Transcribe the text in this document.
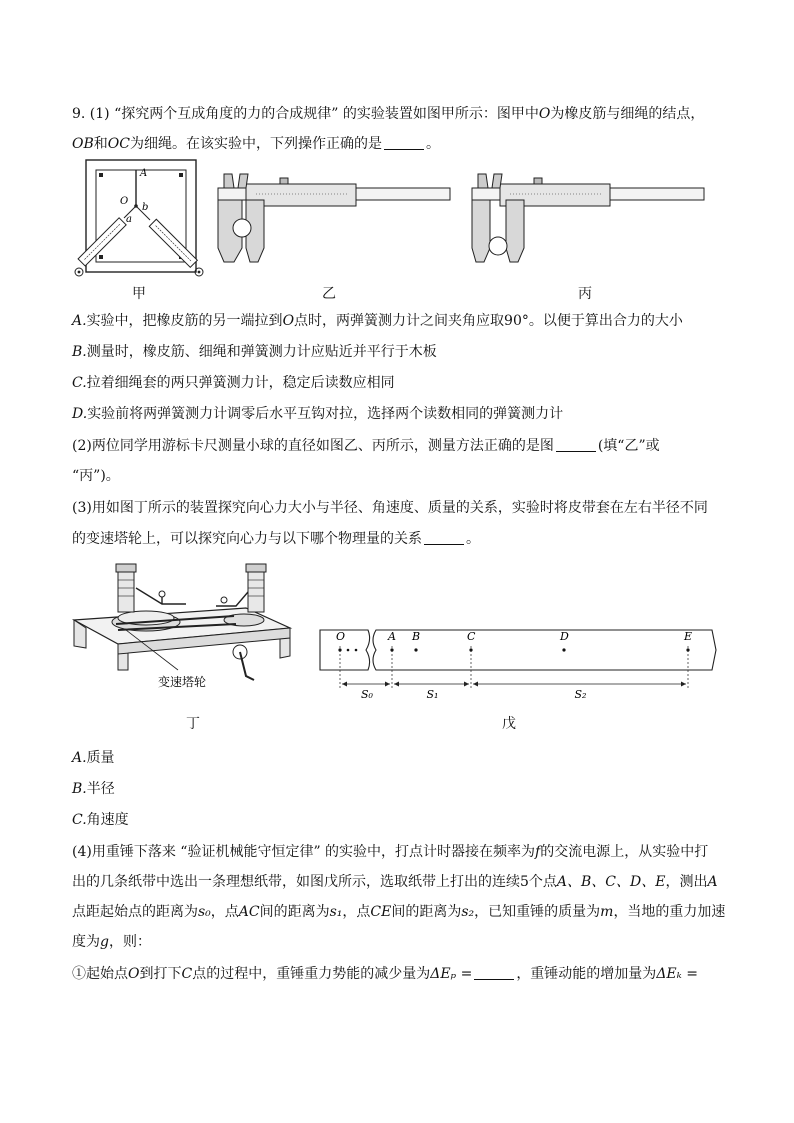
9. (1) “探究两个互成角度的力的合成规律” 的实验装置如图甲所示：图甲中O为橡皮筋与细绳的结点，
OB和OC为细绳。在该实验中，下列操作正确的是	。
A
O
b
a
甲	乙	丙
A.实验中，把橡皮筋的另一端拉到O点时，两弹簧测力计之间夹角应取90°。以便于算出合力的大小
B.测量时，橡皮筋、细绳和弹簧测力计应贴近并平行于木板
C.拉着细绳套的两只弹簧测力计，稳定后读数应相同
D.实验前将两弹簧测力计调零后水平互钩对拉，选择两个读数相同的弹簧测力计
(2)两位同学用游标卡尺测量小球的直径如图乙、丙所示，测量方法正确的是图	(填“乙”或
“丙”)。
(3)用如图丁所示的装置探究向心力大小与半径、角速度、质量的关系，实验时将皮带套在左右半径不同
的变速塔轮上，可以探究向心力与以下哪个物理量的关系	。
变速塔轮
O	A B	C	D	E
S₀	S₁	S₂
丁	戊
A.质量
B.半径
C.角速度
(4)用重锤下落来 “验证机械能守恒定律” 的实验中，打点计时器接在频率为f的交流电源上，从实验中打
出的几条纸带中选出一条理想纸带，如图戊所示，选取纸带上打出的连续5个点A、B、C、D、E，测出A
点距起始点的距离为s₀，点AC间的距离为s₁，点CE间的距离为s₂，已知重锤的质量为m，当地的重力加速
度为g，则：
①起始点O到打下C点的过程中，重锤重力势能的减少量为ΔEₚ =	，重锤动能的增加量为ΔEₖ =
